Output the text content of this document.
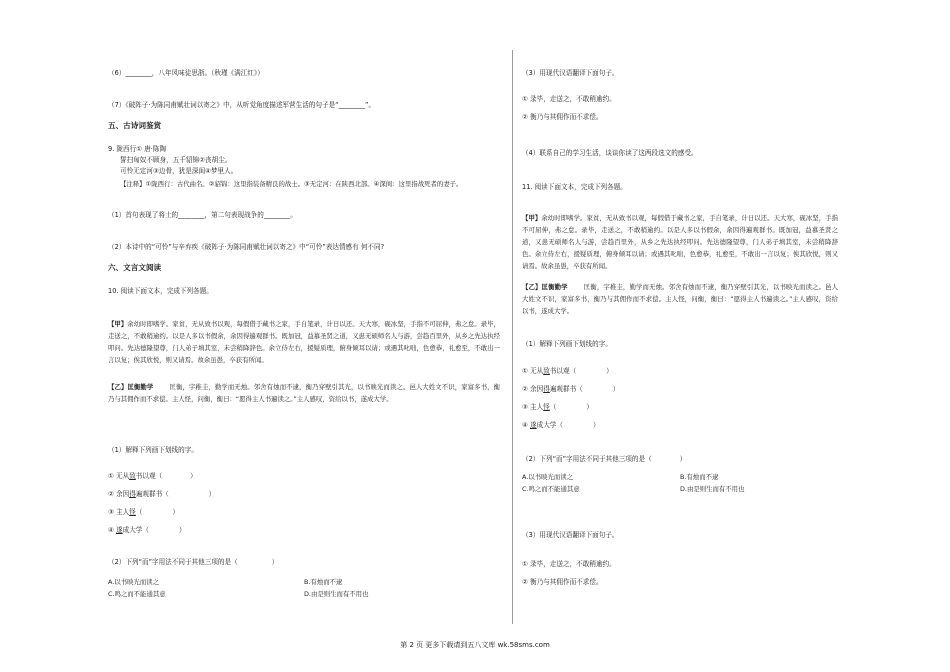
（6）________，八年风味徒思浙。（秋瑾《满江红》）
（7）《破阵子·为陈同甫赋壮词以寄之》中，从听觉角度描述军营生活的句子是“________”。
五、古诗词鉴赏
9. 陇西行① 唐·陈陶
誓扫匈奴不顾身，五千貂锦②丧胡尘。
可怜无定河③边骨，犹是深闺④梦里人。
【注释】①陇西行：古代曲名。②貂锦：这里指装备精良的战士。③无定河：在陕西北部。④深闺：这里指战死者的妻子。
（1）首句表现了将士的________，第二句表现战争的________。
（2）本诗中的“可怜”与辛弃疾《破阵子·为陈同甫赋壮词以寄之》中“可怜”表达情感有 何不同?
六、文言文阅读
10. 阅读下面文本，完成下列各题。
【甲】余幼时即嗜学。家贫，无从致书以观，每假借于藏书之家，手自笔录，计日以还。天大寒，砚冰坚，手指不可屈伸，弗之怠。录毕，走送之，不敢稍逾约。以是人多以书假余，余因得遍观群书。既加冠，益慕圣贤之道，又患无硕师名人与游，尝趋百里外，从乡之先达执经叩问。先达德隆望尊，门人弟子填其室，未尝稍降辞色。余立侍左右，援疑质理，俯身倾耳以请；或遇其叱咄，色愈恭，礼愈至，不敢出一言以复；俟其欣悦，则又请焉。故余虽愚，卒获有所闻。
【乙】匡衡勤学	匡衡，字稚圭，勤学而无烛。邻舍有烛而不逮，衡乃穿壁引其光，以书映光而读之。邑人大姓文不识，家富多书，衡乃与其佣作而不求偿。主人怪，问衡，衡曰：“愿得主人书遍读之。”主人感叹，资给以书，遂成大学。
（1）解释下列画下划线的字。
① 无从致书以观（	）
② 余因得遍观群书（	）
③ 主人怪（	）
④ 遂成大学（	）
（2）下列“而”字用法不同于其他三项的是（	）
A.以书映光而读之	B.有烛而不逮
C.鸣之而不能通其意	D.由是则生而有不用也
（3）用现代汉语翻译下面句子。
① 录毕，走送之，不敢稍逾约。
② 衡乃与其佣作而不求偿。
（4）联系自己的学习生活，谈谈你读了这两段选文的感受。
11. 阅读下面文本，完成下列各题。
【甲】余幼时即嗜学。家贫，无从致书以观，每假借于藏书之家，手自笔录，计日以还。天大寒，砚冰坚，手指不可屈伸，弗之怠。录毕，走送之，不敢稍逾约。以是人多以书假余，余因得遍观群书。既加冠，益慕圣贤之道，又患无硕师名人与游，尝趋百里外，从乡之先达执经叩问。先达德隆望尊，门人弟子填其室，未尝稍降辞色。余立侍左右，援疑质理，俯身倾耳以请；或遇其叱咄，色愈恭，礼愈至，不敢出一言以复；俟其欣悦，则又请焉。故余虽愚，卒获有所闻。
【乙】匡衡勤学	匡衡，字稚圭，勤学而无烛。邻舍有烛而不逮，衡乃穿壁引其光，以书映光而读之。邑人大姓文不识，家富多书，衡乃与其佣作而不求偿。主人怪，问衡，衡曰：“愿得主人书遍读之。”主人感叹，资给以书，遂成大学。
（1）解释下列画下划线的字。
① 无从致书以观（	）
② 余因得遍观群书（	）
③ 主人怪（	）
④ 遂成大学（	）
（2）下列“而”字用法不同于其他三项的是（	）
A.以书映光而读之	B.有烛而不逮
C.鸣之而不能通其意	D.由是则生而有不用也
（3）用现代汉语翻译下面句子。
① 录毕，走送之，不敢稍逾约。
② 衡乃与其佣作而不求偿。
第 2 页 更多下载请到五八文库 wk.58sms.com
